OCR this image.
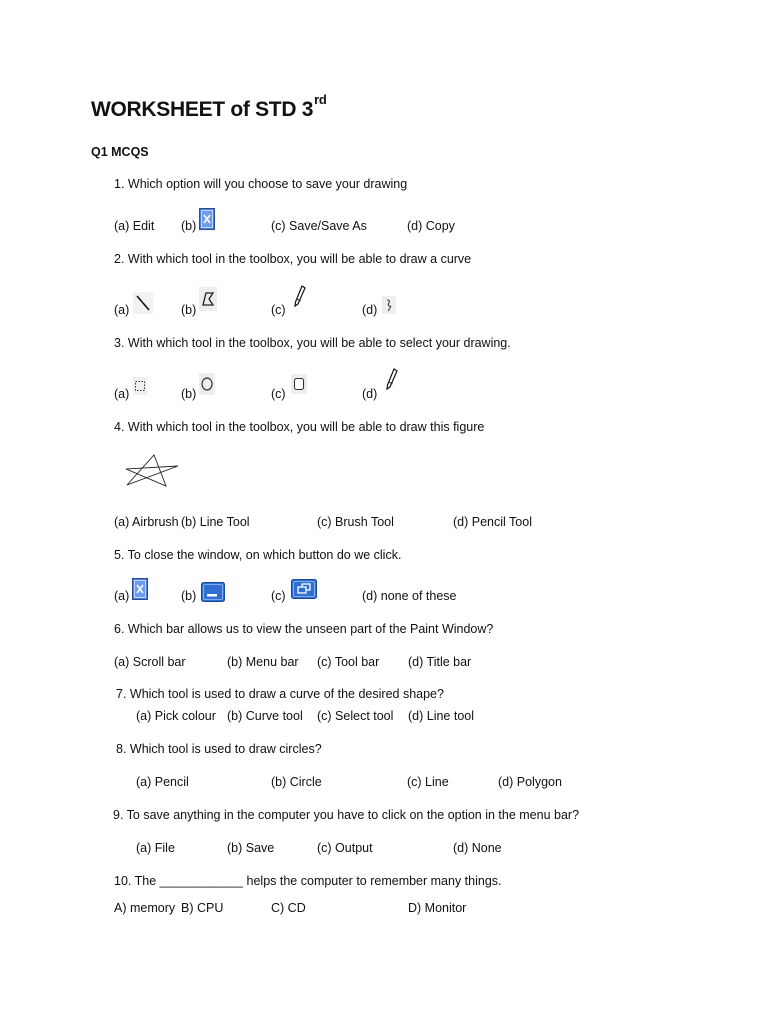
WORKSHEET of STD 3rd
Q1 MCQS
1. Which option will you choose to save your drawing
(a) Edit (b)	(c) Save/Save As	(d) Copy
2. With which tool in the toolbox, you will be able to draw a curve
(a)	(b)	(c)	(d)
3. With which tool in the toolbox, you will be able to select your drawing.
(a)	(b)	(c)	(d)
4. With which tool in the toolbox, you will be able to draw this figure
(a) Airbrush (b) Line Tool	(c) Brush Tool	(d) Pencil Tool
5. To close the window, on which button do we click.
(a)	(b)	(c)	(d) none of these
6. Which bar allows us to view the unseen part of the Paint Window?
(a) Scroll bar	(b) Menu bar (c) Tool bar (d) Title bar
7. Which tool is used to draw a curve of the desired shape?
(a) Pick colour (b) Curve tool (c) Select tool (d) Line tool
8. Which tool is used to draw circles?
(a) Pencil	(b) Circle	(c) Line	(d) Polygon
9. To save anything in the computer you have to click on the option in the menu bar?
(a) File	(b) Save	(c) Output	(d) None
10. The ____________ helps the computer to remember many things.
A) memory B) CPU	C) CD	D) Monitor
